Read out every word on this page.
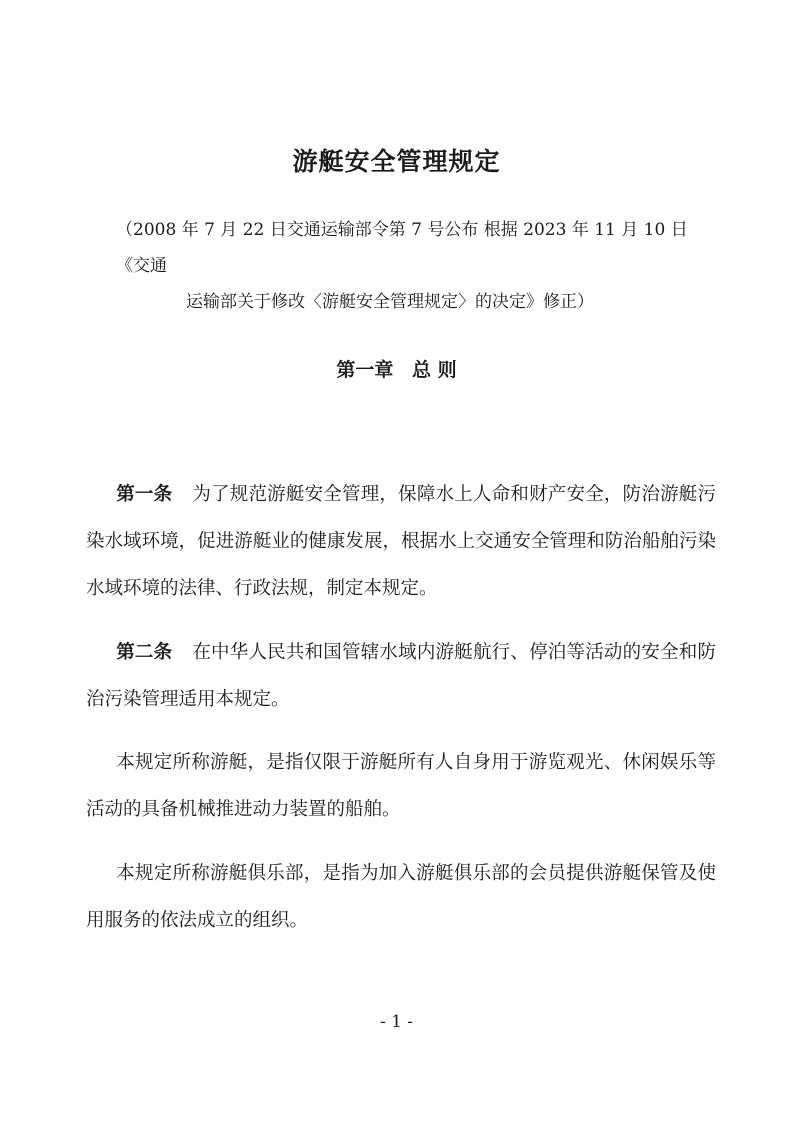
游艇安全管理规定
（2008 年 7 月 22 日交通运输部令第 7 号公布 根据 2023 年 11 月 10 日《交通
运输部关于修改〈游艇安全管理规定〉的决定》修正）
第一章 总 则
第一条 为了规范游艇安全管理，保障水上人命和财产安全，防治游艇污染水域环境，促进游艇业的健康发展，根据水上交通安全管理和防治船舶污染水域环境的法律、行政法规，制定本规定。
第二条 在中华人民共和国管辖水域内游艇航行、停泊等活动的安全和防治污染管理适用本规定。
本规定所称游艇，是指仅限于游艇所有人自身用于游览观光、休闲娱乐等活动的具备机械推进动力装置的船舶。
本规定所称游艇俱乐部，是指为加入游艇俱乐部的会员提供游艇保管及使用服务的依法成立的组织。
- 1 -
